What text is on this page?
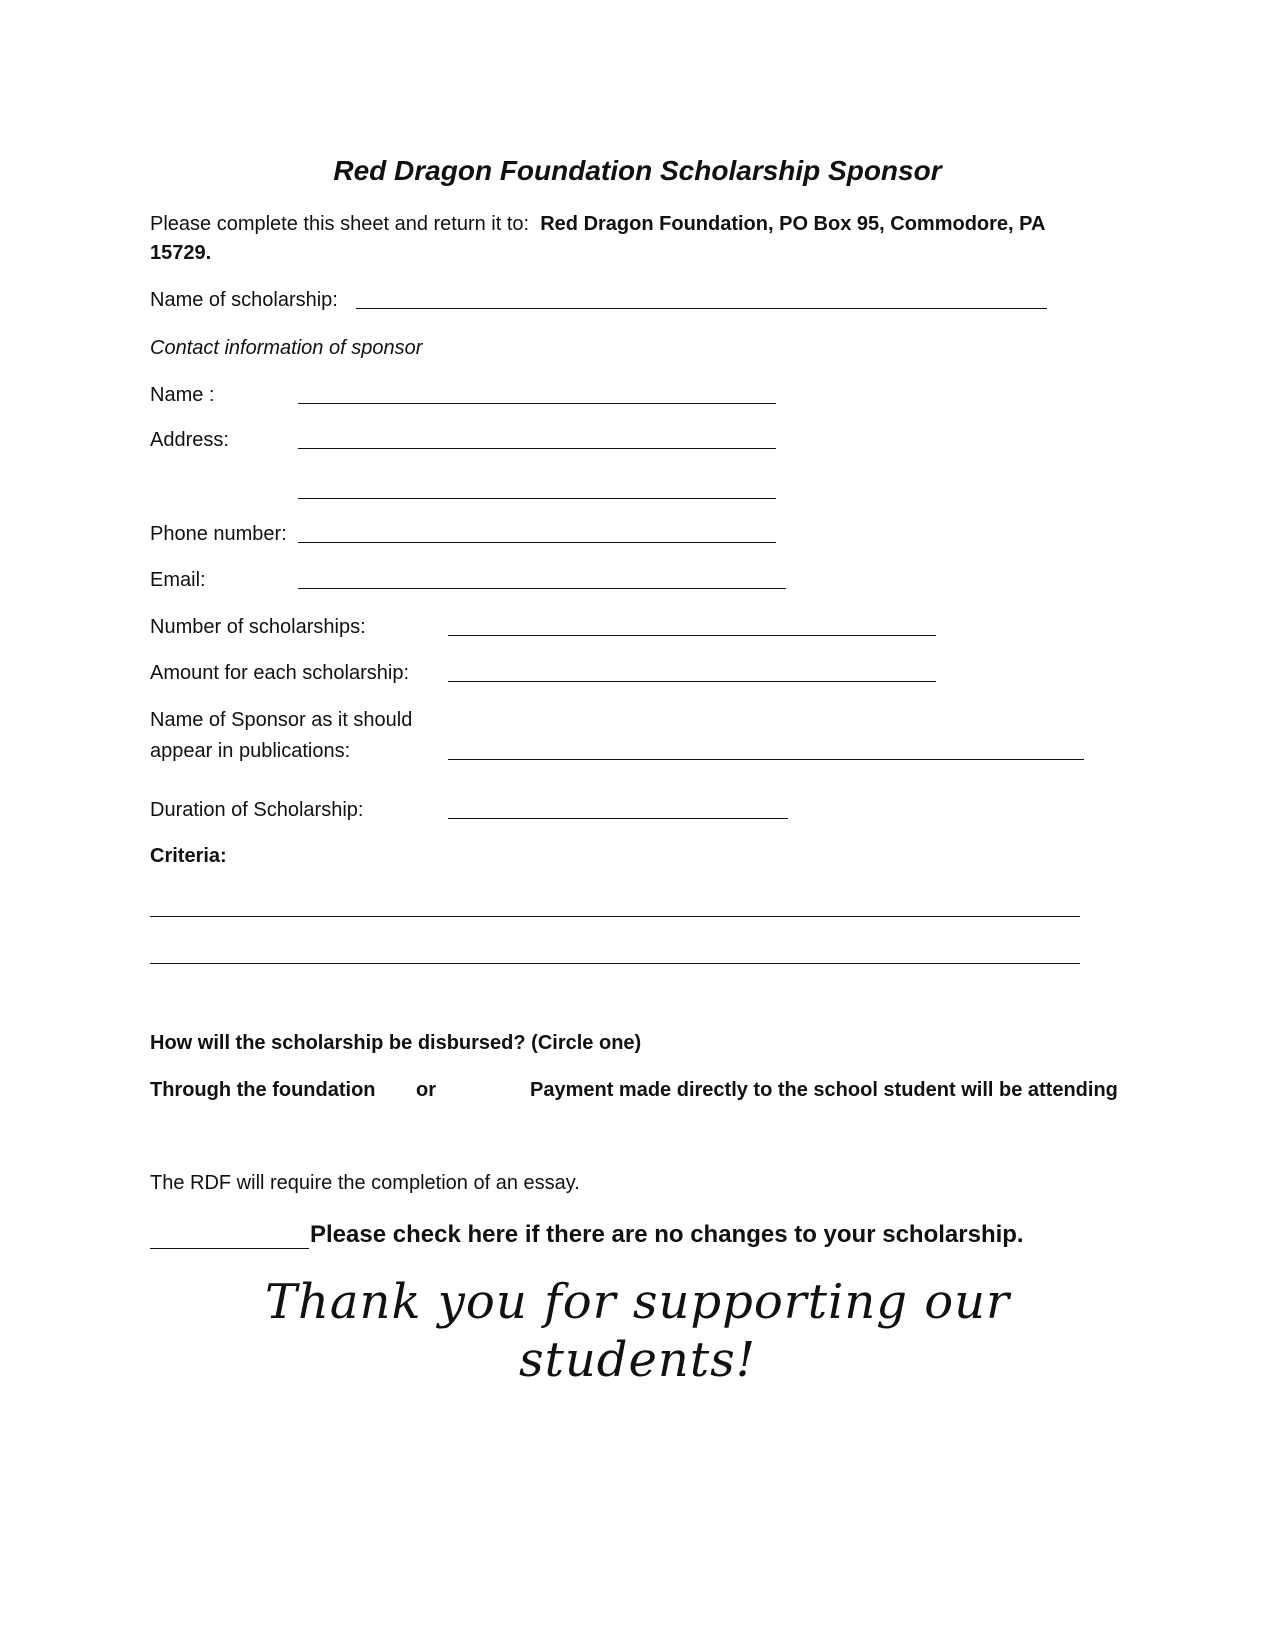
Red Dragon Foundation Scholarship Sponsor
Please complete this sheet and return it to: Red Dragon Foundation, PO Box 95, Commodore, PA
15729.
Name of scholarship:
Contact information of sponsor
Name :
Address:
Phone number:
Email:
Number of scholarships:
Amount for each scholarship:
Name of Sponsor as it should
appear in publications:
Duration of Scholarship:
Criteria:
How will the scholarship be disbursed? (Circle one)
Through the foundation or	Payment made directly to the school student will be attending
The RDF will require the completion of an essay.
Please check here if there are no changes to your scholarship.
Thank you for supporting our
students!
